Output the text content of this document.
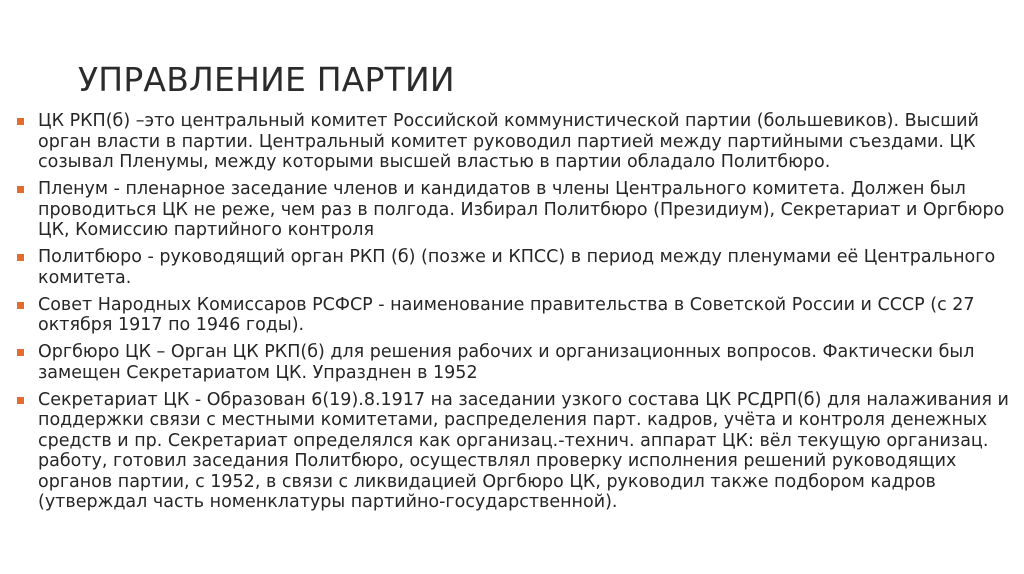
УПРАВЛЕНИЕ ПАРТИИ
ЦК РКП(б) –это центральный комитет Российской коммунистической партии (большевиков). Высший орган власти в партии. Центральный комитет руководил партией между партийными съездами. ЦК созывал Пленумы, между которыми высшей властью в партии обладало Политбюро.
Пленум - пленарное заседание членов и кандидатов в члены Центрального комитета. Должен был проводиться ЦК не реже, чем раз в полгода. Избирал Политбюро (Президиум), Секретариат и Оргбюро ЦК, Комиссию партийного контроля
Политбюро - руководящий орган РКП (б) (позже и КПСС) в период между пленумами её Центрального комитета.
Совет Народных Комиссаров РСФСР - наименование правительства в Советской России и СССР (с 27 октября 1917 по 1946 годы).
Оргбюро ЦК – Орган ЦК РКП(б) для решения рабочих и организационных вопросов. Фактически был замещен Секретариатом ЦК. Упразднен в 1952
Секретариат ЦК - Образован 6(19).8.1917 на заседании узкого состава ЦК РСДРП(б) для налаживания и поддержки связи с местными комитетами, распределения парт. кадров, учёта и контроля денежных средств и пр. Секретариат определялся как организац.-технич. аппарат ЦК: вёл текущую организац. работу, готовил заседания Политбюро, осуществлял проверку исполнения решений руководящих органов партии, с 1952, в связи с ликвидацией Оргбюро ЦК, руководил также подбором кадров (утверждал часть номенклатуры партийно-государственной).
